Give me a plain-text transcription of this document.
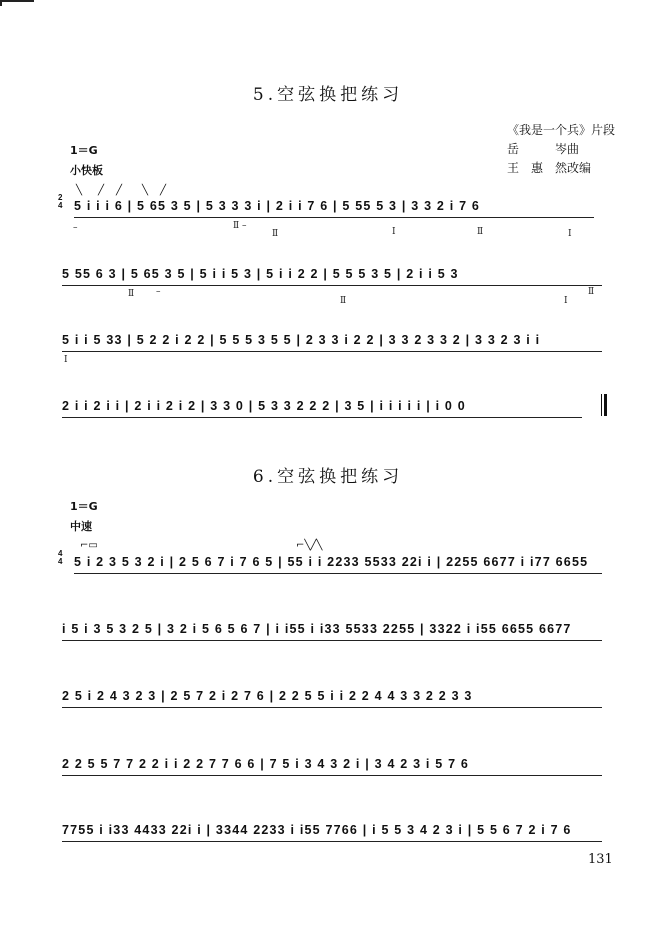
5.空弦换把练习
《我是一个兵》片段
岳　　　岑曲
王　惠　然改编
1＝G
小快板
2
4
╲ ╱ ╱ ╲ ╱
5 i i i 6 | 5 65 3 5 | 5 3 3 3 i | 2 i i 7 6 | 5 55 5 3 | 3 3 2 i 7 6
–	Ⅱ –
Ⅱ	Ⅰ	Ⅱ	Ⅰ
5 55 6 3 | 5 65 3 5 | 5 i i 5 3 | 5 i i 2 2 | 5 5 5 3 5 | 2 i i 5 3
Ⅱ –
Ⅱ	Ⅰ
Ⅱ
5 i i 5 33 | 5 2 2 i 2 2 | 5 5 5 3 5 5 | 2 3 3 i 2 2 | 3 3 2 3 3 2 | 3 3 2 3 i i
Ⅰ
2 i i 2 i i | 2 i i 2 i 2 | 3 3 0 | 5 3 3 2 2 2 | 3 5 | i i i i i | i 0 0
6.空弦换把练习
1＝G
中速
4
4
⌐▭	⌐╲╱╲
5 i 2 3 5 3 2 i | 2 5 6 7 i 7 6 5 | 55 i i 2233 5533 22i i | 2255 6677 i i77 6655
i 5 i 3 5 3 2 5 | 3 2 i 5 6 5 6 7 | i i55 i i33 5533 2255 | 3322 i i55 6655 6677
2 5 i 2 4 3 2 3 | 2 5 7 2 i 2 7 6 | 2 2 5 5 i i 2 2 4 4 3 3 2 2 3 3
2 2 5 5 7 7 2 2 i i 2 2 7 7 6 6 | 7 5 i 3 4 3 2 i | 3 4 2 3 i 5 7 6
7755 i i33 4433 22i i | 3344 2233 i i55 7766 | i 5 5 3 4 2 3 i | 5 5 6 7 2 i 7 6
131
